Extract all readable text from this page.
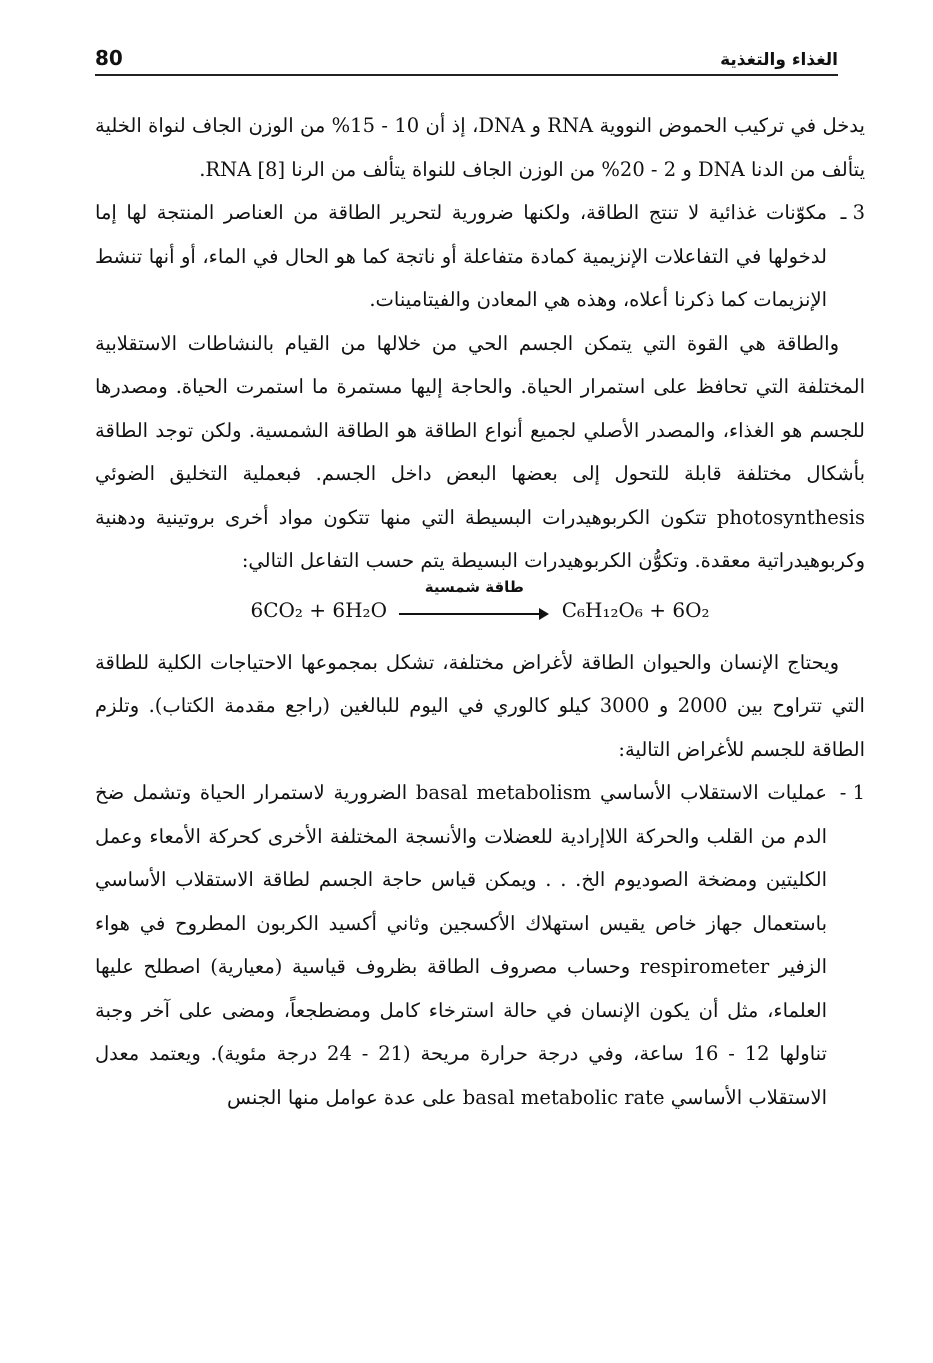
80	الغذاء والتغذية

يدخل في تركيب الحموض النووية RNA و DNA، إذ أن 10 - 15% من الوزن الجاف لنواة الخلية يتألف من الدنا DNA و 2 - 20% من الوزن الجاف للنواة يتألف من الرنا RNA [8].

3 ـ
مكوّنات غذائية لا تنتج الطاقة، ولكنها ضرورية لتحرير الطاقة من العناصر المنتجة لها إما لدخولها في التفاعلات الإنزيمية كمادة متفاعلة أو ناتجة كما هو الحال في الماء، أو أنها تنشط الإنزيمات كما ذكرنا أعلاه، وهذه هي المعادن والفيتامينات.

والطاقة هي القوة التي يتمكن الجسم الحي من خلالها من القيام بالنشاطات الاستقلابية المختلفة التي تحافظ على استمرار الحياة. والحاجة إليها مستمرة ما استمرت الحياة. ومصدرها للجسم هو الغذاء، والمصدر الأصلي لجميع أنواع الطاقة هو الطاقة الشمسية. ولكن توجد الطاقة بأشكال مختلفة قابلة للتحول إلى بعضها البعض داخل الجسم. فبعملية التخليق الضوئي photosynthesis تتكون الكربوهيدرات البسيطة التي منها تتكون مواد أخرى بروتينية ودهنية وكربوهيدراتية معقدة. وتكوُّن الكربوهيدرات البسيطة يتم حسب التفاعل التالي:

6CO₂ + 6H₂O
طاقة شمسية
C₆H₁₂O₆ + 6O₂

ويحتاج الإنسان والحيوان الطاقة لأغراض مختلفة، تشكل بمجموعها الاحتياجات الكلية للطاقة التي تتراوح بين 2000 و 3000 كيلو كالوري في اليوم للبالغين (راجع مقدمة الكتاب). وتلزم الطاقة للجسم للأغراض التالية:

1 -
عمليات الاستقلاب الأساسي basal metabolism الضرورية لاستمرار الحياة وتشمل ضخ الدم من القلب والحركة اللاإرادية للعضلات والأنسجة المختلفة الأخرى كحركة الأمعاء وعمل الكليتين ومضخة الصوديوم الخ. . . ويمكن قياس حاجة الجسم لطاقة الاستقلاب الأساسي باستعمال جهاز خاص يقيس استهلاك الأكسجين وثاني أكسيد الكربون المطروح في هواء الزفير respirometer وحساب مصروف الطاقة بظروف قياسية (معيارية) اصطلح عليها العلماء، مثل أن يكون الإنسان في حالة استرخاء كامل ومضطجعاً، ومضى على آخر وجبة تناولها 12 - 16 ساعة، وفي درجة حرارة مريحة (21 - 24 درجة مئوية). ويعتمد معدل الاستقلاب الأساسي basal metabolic rate على عدة عوامل منها الجنس
